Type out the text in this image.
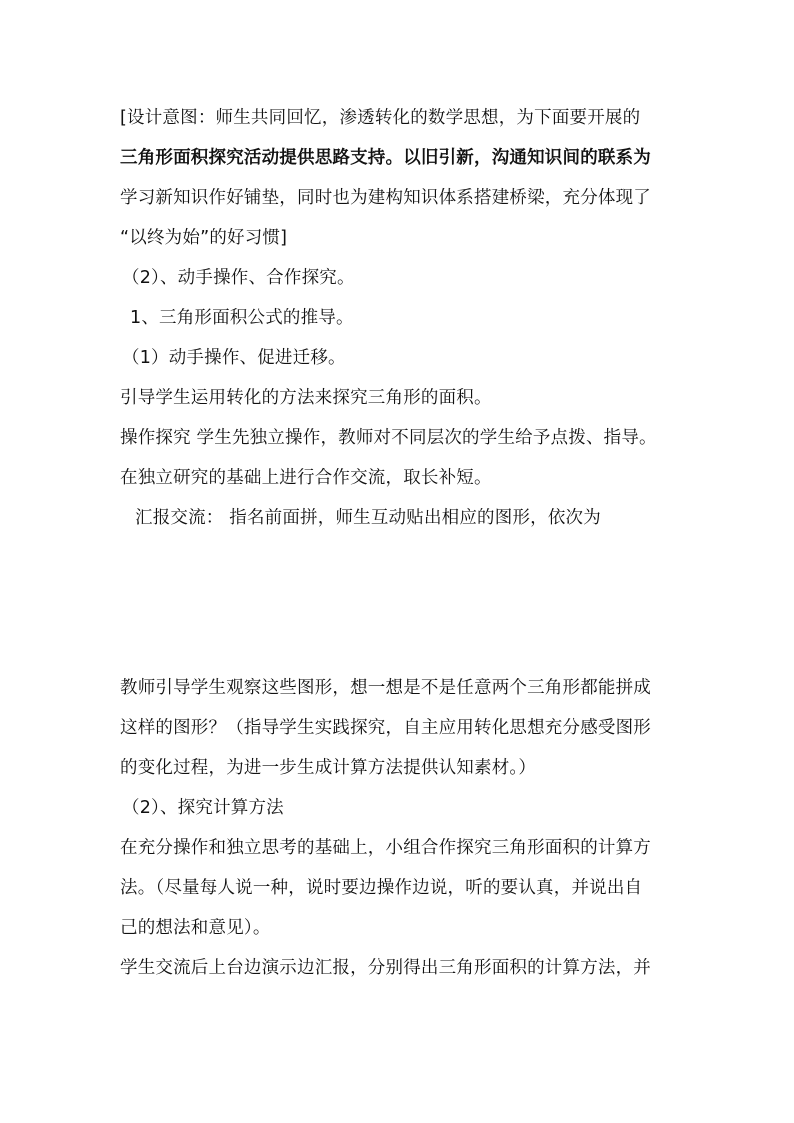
[设计意图：师生共同回忆，渗透转化的数学思想，为下面要开展的
三角形面积探究活动提供思路支持。以旧引新，沟通知识间的联系为
学习新知识作好铺垫，同时也为建构知识体系搭建桥梁，充分体现了
“以终为始”的好习惯]
（2）、动手操作、合作探究。
1、三角形面积公式的推导。
（1）动手操作、促进迁移。
引导学生运用转化的方法来探究三角形的面积。
操作探究 学生先独立操作，教师对不同层次的学生给予点拨、指导。
在独立研究的基础上进行合作交流，取长补短。
汇报交流： 指名前面拼，师生互动贴出相应的图形，依次为
教师引导学生观察这些图形，想一想是不是任意两个三角形都能拼成
这样的图形？（指导学生实践探究，自主应用转化思想充分感受图形
的变化过程，为进一步生成计算方法提供认知素材。）
（2）、探究计算方法
在充分操作和独立思考的基础上，小组合作探究三角形面积的计算方
法。（尽量每人说一种，说时要边操作边说，听的要认真，并说出自
己的想法和意见）。
学生交流后上台边演示边汇报，分别得出三角形面积的计算方法，并
